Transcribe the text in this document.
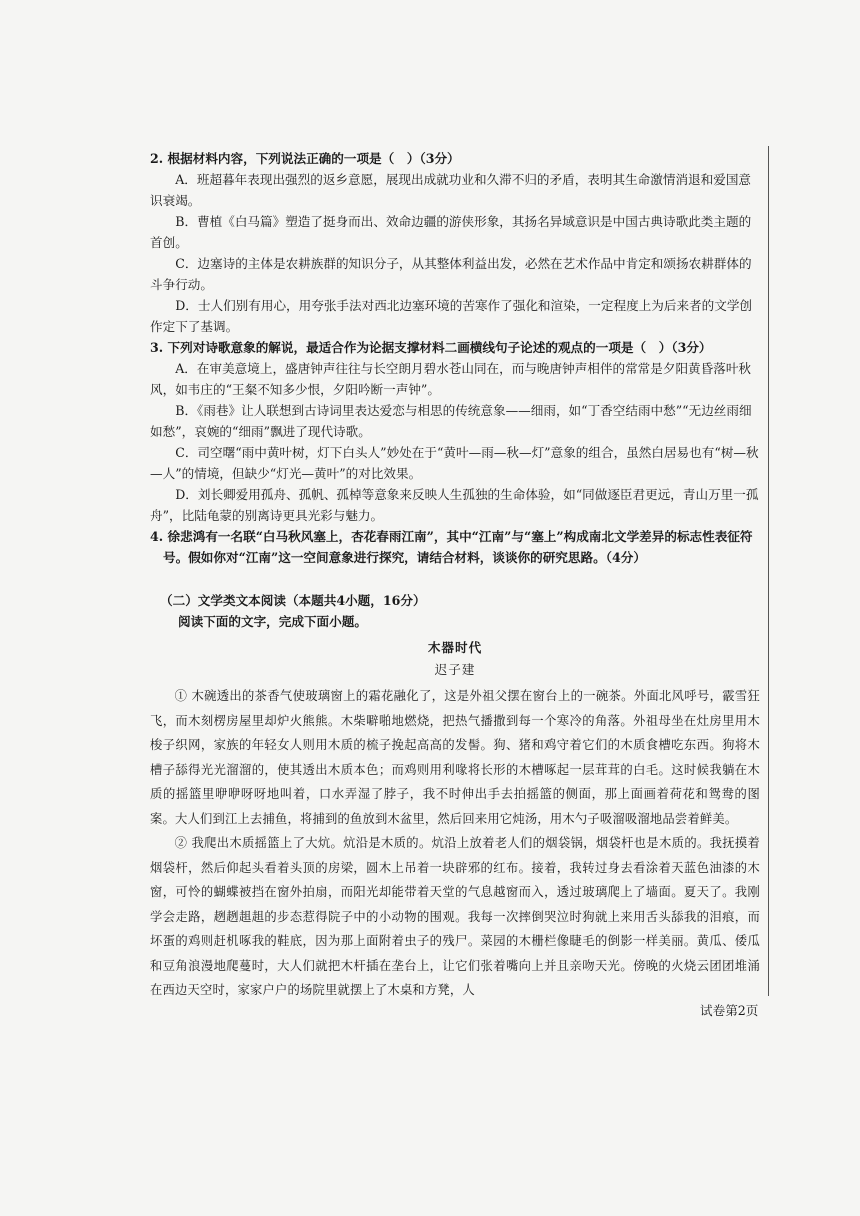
2. 根据材料内容，下列说法正确的一项是（　）（3分）

A．班超暮年表现出强烈的返乡意愿，展现出成就功业和久滞不归的矛盾，表明其生命激情消退和爱国意识衰竭。

B．曹植《白马篇》塑造了挺身而出、效命边疆的游侠形象，其扬名异域意识是中国古典诗歌此类主题的首创。

C．边塞诗的主体是农耕族群的知识分子，从其整体利益出发，必然在艺术作品中肯定和颂扬农耕群体的斗争行动。

D．士人们别有用心，用夸张手法对西北边塞环境的苦寒作了强化和渲染，一定程度上为后来者的文学创作定下了基调。

3. 下列对诗歌意象的解说，最适合作为论据支撑材料二画横线句子论述的观点的一项是（　）（3分）

A．在审美意境上，盛唐钟声往往与长空朗月碧水苍山同在，而与晚唐钟声相伴的常常是夕阳黄昏落叶秋风，如韦庄的“王粲不知多少恨，夕阳吟断一声钟”。

B．《雨巷》让人联想到古诗词里表达爱恋与相思的传统意象——细雨，如“丁香空结雨中愁”“无边丝雨细如愁”，哀婉的“细雨”飘进了现代诗歌。

C．司空曙“雨中黄叶树，灯下白头人”妙处在于“黄叶—雨—秋—灯”意象的组合，虽然白居易也有“树—秋—人”的情境，但缺少“灯光—黄叶”的对比效果。

D．刘长卿爱用孤舟、孤帆、孤棹等意象来反映人生孤独的生命体验，如“同做逐臣君更远，青山万里一孤舟”，比陆龟蒙的别离诗更具光彩与魅力。

4. 徐悲鸿有一名联“白马秋风塞上，杏花春雨江南”，其中“江南”与“塞上”构成南北文学差异的标志性表征符号。假如你对“江南”这一空间意象进行探究，请结合材料，谈谈你的研究思路。（4分）

（二）文学类文本阅读（本题共4小题，16分）

阅读下面的文字，完成下面小题。

木器时代

迟子建

① 木碗透出的茶香气使玻璃窗上的霜花融化了，这是外祖父摆在窗台上的一碗茶。外面北风呼号，霰雪狂飞，而木刻楞房屋里却炉火熊熊。木柴噼啪地燃烧，把热气播撒到每一个寒冷的角落。外祖母坐在灶房里用木梭子织网，家族的年轻女人则用木质的梳子挽起高高的发髻。狗、猪和鸡守着它们的木质食槽吃东西。狗将木槽子舔得光光溜溜的，使其透出木质本色；而鸡则用利喙将长形的木槽啄起一层茸茸的白毛。这时候我躺在木质的摇篮里咿咿呀呀地叫着，口水弄湿了脖子，我不时伸出手去拍摇篮的侧面，那上面画着荷花和鸳鸯的图案。大人们到江上去捕鱼，将捕到的鱼放到木盆里，然后回来用它炖汤，用木勺子吸溜吸溜地品尝着鲜美。

② 我爬出木质摇篮上了大炕。炕沿是木质的。炕沿上放着老人们的烟袋锅，烟袋杆也是木质的。我抚摸着烟袋杆，然后仰起头看着头顶的房梁，圆木上吊着一块辟邪的红布。接着，我转过身去看涂着天蓝色油漆的木窗，可怜的蝴蝶被挡在窗外拍扇，而阳光却能带着天堂的气息越窗而入，透过玻璃爬上了墙面。夏天了。我刚学会走路，趔趔趄趄的步态惹得院子中的小动物的围观。我每一次摔倒哭泣时狗就上来用舌头舔我的泪痕，而坏蛋的鸡则赶机啄我的鞋底，因为那上面附着虫子的残尸。菜园的木栅栏像睫毛的倒影一样美丽。黄瓜、倭瓜和豆角浪漫地爬蔓时，大人们就把木杆插在垄台上，让它们张着嘴向上并且亲吻天光。傍晚的火烧云团团堆涌在西边天空时，家家户户的场院里就摆上了木桌和方凳，人

试卷第2页
